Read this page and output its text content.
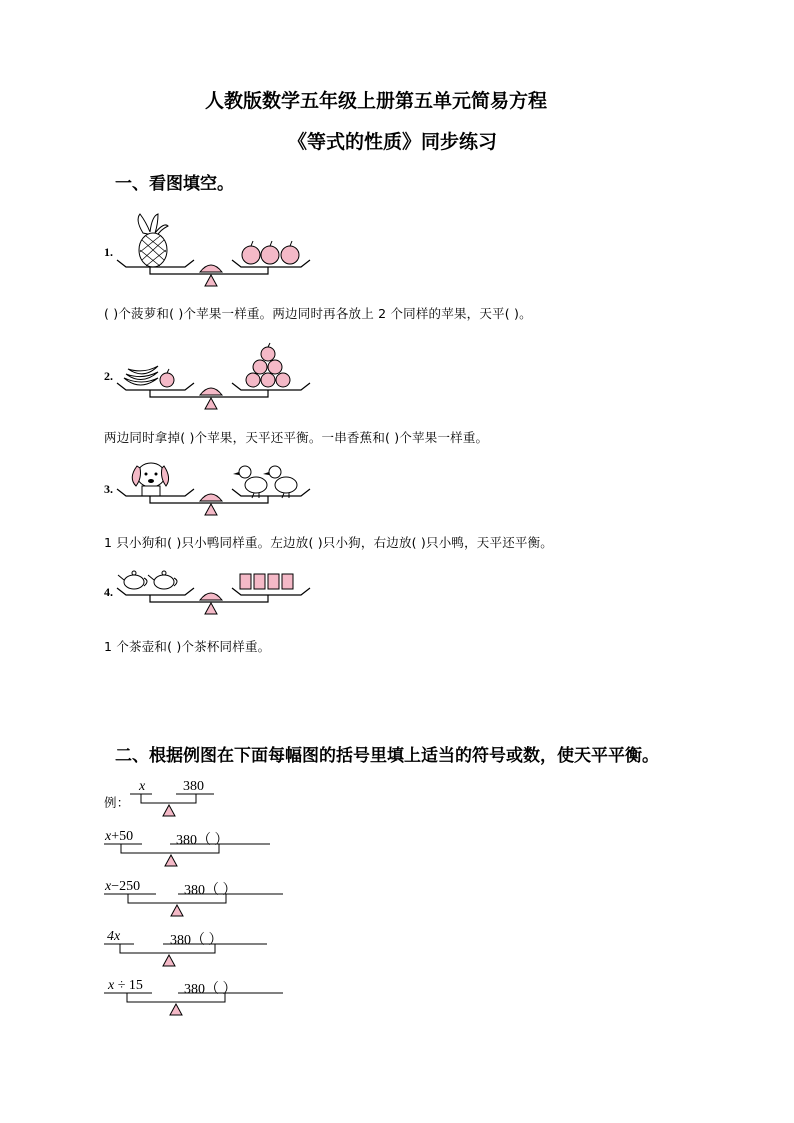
人教版数学五年级上册第五单元简易方程
《等式的性质》同步练习
一、看图填空。
1.
( )个菠萝和( )个苹果一样重。两边同时再各放上 2 个同样的苹果，天平( )。
2.
两边同时拿掉( )个苹果，天平还平衡。一串香蕉和( )个苹果一样重。
3.
1 只小狗和( )只小鸭同样重。左边放( )只小狗，右边放( )只小鸭，天平还平衡。
4.
1 个茶壶和( )个茶杯同样重。
二、根据例图在下面每幅图的括号里填上适当的符号或数，使天平平衡。
例：
x	380
x+50	380（ ）
x−250	380（ ）
4x	380（ ）
x ÷ 15	380（ ）
